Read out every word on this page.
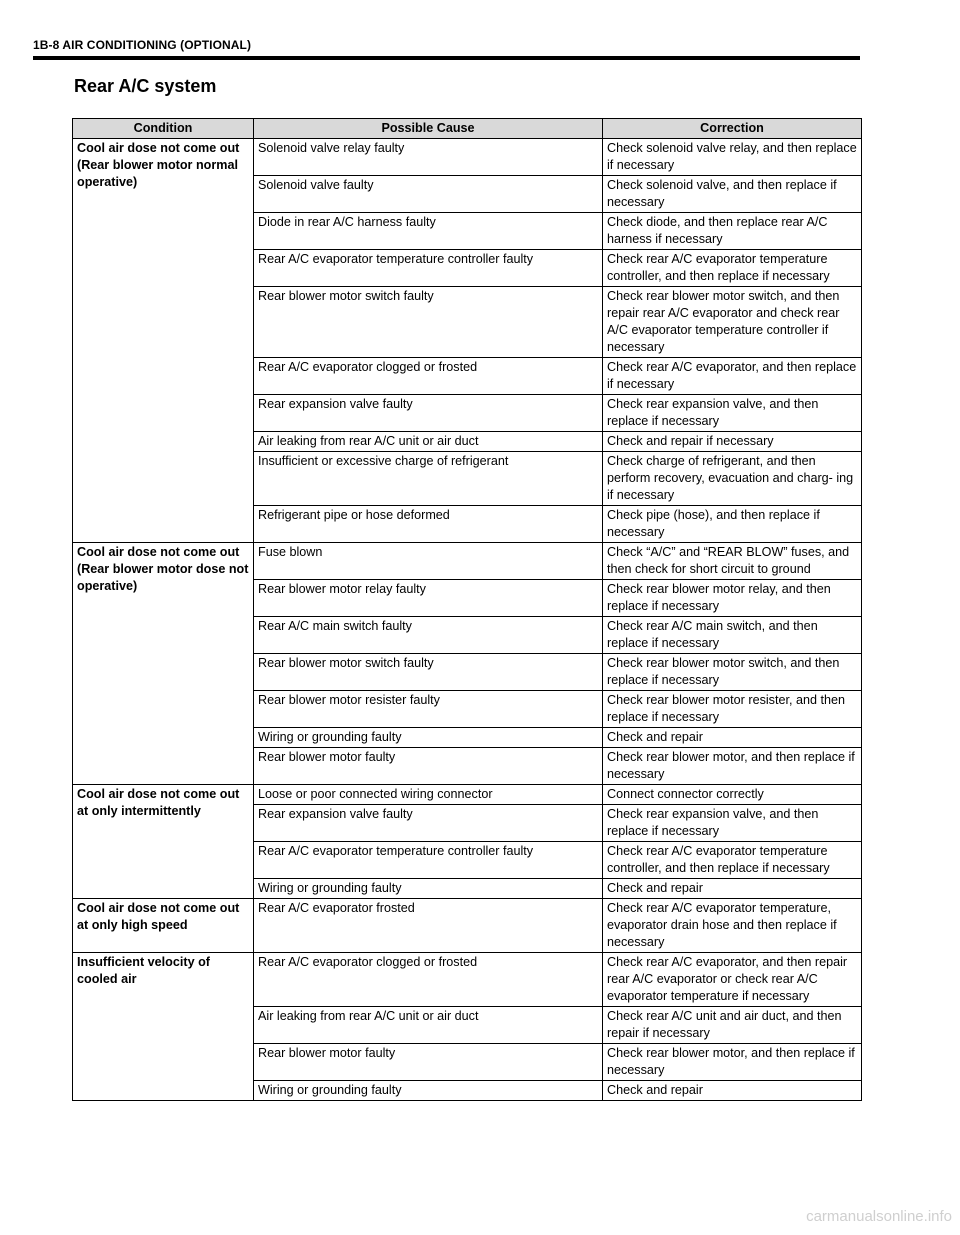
1B-8 AIR CONDITIONING (OPTIONAL)
Rear A/C system
Condition	Possible Cause	Correction
Cool air dose not come out (Rear blower motor normal operative)	Solenoid valve relay faulty	Check solenoid valve relay, and then replace if necessary
	Solenoid valve faulty	Check solenoid valve, and then replace if necessary
	Diode in rear A/C harness faulty	Check diode, and then replace rear A/C harness if necessary
	Rear A/C evaporator temperature controller faulty	Check rear A/C evaporator temperature controller, and then replace if necessary
	Rear blower motor switch faulty	Check rear blower motor switch, and then repair rear A/C evaporator and check rear A/C evaporator temperature controller if necessary
	Rear A/C evaporator clogged or frosted	Check rear A/C evaporator, and then replace if necessary
	Rear expansion valve faulty	Check rear expansion valve, and then replace if necessary
	Air leaking from rear A/C unit or air duct	Check and repair if necessary
	Insufficient or excessive charge of refrigerant	Check charge of refrigerant, and then perform recovery, evacuation and charg- ing if necessary
	Refrigerant pipe or hose deformed	Check pipe (hose), and then replace if necessary
Cool air dose not come out (Rear blower motor dose not operative)	Fuse blown	Check “A/C” and “REAR BLOW” fuses, and then check for short circuit to ground
	Rear blower motor relay faulty	Check rear blower motor relay, and then replace if necessary
	Rear A/C main switch faulty	Check rear A/C main switch, and then replace if necessary
	Rear blower motor switch faulty	Check rear blower motor switch, and then replace if necessary
	Rear blower motor resister faulty	Check rear blower motor resister, and then replace if necessary
	Wiring or grounding faulty	Check and repair
	Rear blower motor faulty	Check rear blower motor, and then replace if necessary
Cool air dose not come out at only intermittently	Loose or poor connected wiring connector	Connect connector correctly
	Rear expansion valve faulty	Check rear expansion valve, and then replace if necessary
	Rear A/C evaporator temperature controller faulty	Check rear A/C evaporator temperature controller, and then replace if necessary
	Wiring or grounding faulty	Check and repair
Cool air dose not come out at only high speed	Rear A/C evaporator frosted	Check rear A/C evaporator temperature, evaporator drain hose and then replace if necessary
Insufficient velocity of cooled air	Rear A/C evaporator clogged or frosted	Check rear A/C evaporator, and then repair rear A/C evaporator or check rear A/C evaporator temperature if necessary
	Air leaking from rear A/C unit or air duct	Check rear A/C unit and air duct, and then repair if necessary
	Rear blower motor faulty	Check rear blower motor, and then replace if necessary
	Wiring or grounding faulty	Check and repair
carmanualsonline.info
